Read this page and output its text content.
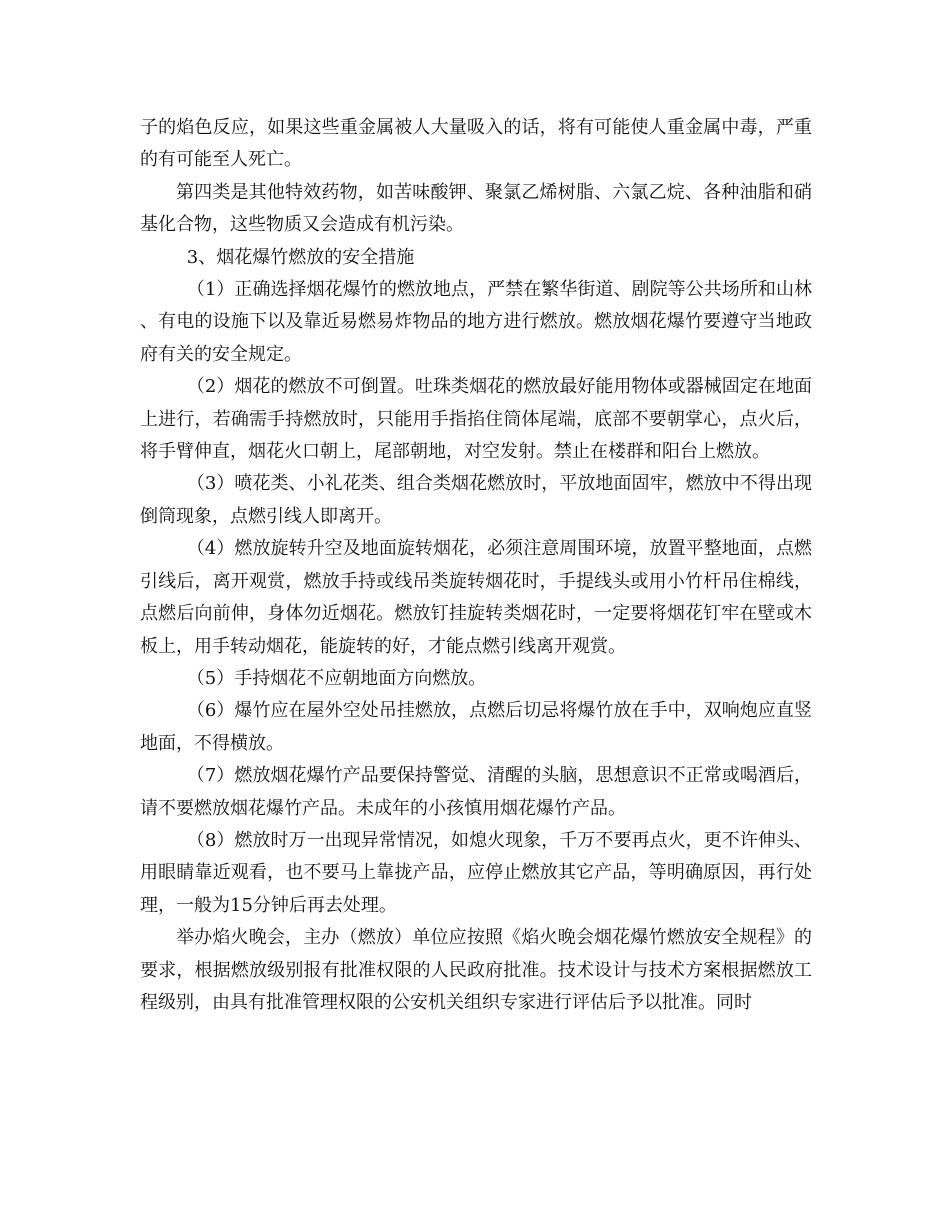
子的焰色反应，如果这些重金属被人大量吸入的话，将有可能使人重金属中毒，严重的有可能至人死亡。

第四类是其他特效药物，如苦味酸钾、聚氯乙烯树脂、六氯乙烷、各种油脂和硝基化合物，这些物质又会造成有机污染。

3、烟花爆竹燃放的安全措施

（1）正确选择烟花爆竹的燃放地点，严禁在繁华街道、剧院等公共场所和山林、有电的设施下以及靠近易燃易炸物品的地方进行燃放。燃放烟花爆竹要遵守当地政府有关的安全规定。

（2）烟花的燃放不可倒置。吐珠类烟花的燃放最好能用物体或器械固定在地面上进行，若确需手持燃放时，只能用手指掐住筒体尾端，底部不要朝掌心，点火后，将手臂伸直，烟花火口朝上，尾部朝地，对空发射。禁止在楼群和阳台上燃放。

（3）喷花类、小礼花类、组合类烟花燃放时，平放地面固牢，燃放中不得出现倒筒现象，点燃引线人即离开。

（4）燃放旋转升空及地面旋转烟花，必须注意周围环境，放置平整地面，点燃引线后，离开观赏，燃放手持或线吊类旋转烟花时，手提线头或用小竹杆吊住棉线，点燃后向前伸，身体勿近烟花。燃放钉挂旋转类烟花时，一定要将烟花钉牢在壁或木板上，用手转动烟花，能旋转的好，才能点燃引线离开观赏。

（5）手持烟花不应朝地面方向燃放。

（6）爆竹应在屋外空处吊挂燃放，点燃后切忌将爆竹放在手中，双响炮应直竖地面，不得横放。

（7）燃放烟花爆竹产品要保持警觉、清醒的头脑，思想意识不正常或喝酒后，请不要燃放烟花爆竹产品。未成年的小孩慎用烟花爆竹产品。

（8）燃放时万一出现异常情况，如熄火现象，千万不要再点火，更不许伸头、用眼睛靠近观看，也不要马上靠拢产品，应停止燃放其它产品，等明确原因，再行处理，一般为15分钟后再去处理。

举办焰火晚会，主办（燃放）单位应按照《焰火晚会烟花爆竹燃放安全规程》的要求，根据燃放级别报有批准权限的人民政府批准。技术设计与技术方案根据燃放工程级别，由具有批准管理权限的公安机关组织专家进行评估后予以批准。同时
